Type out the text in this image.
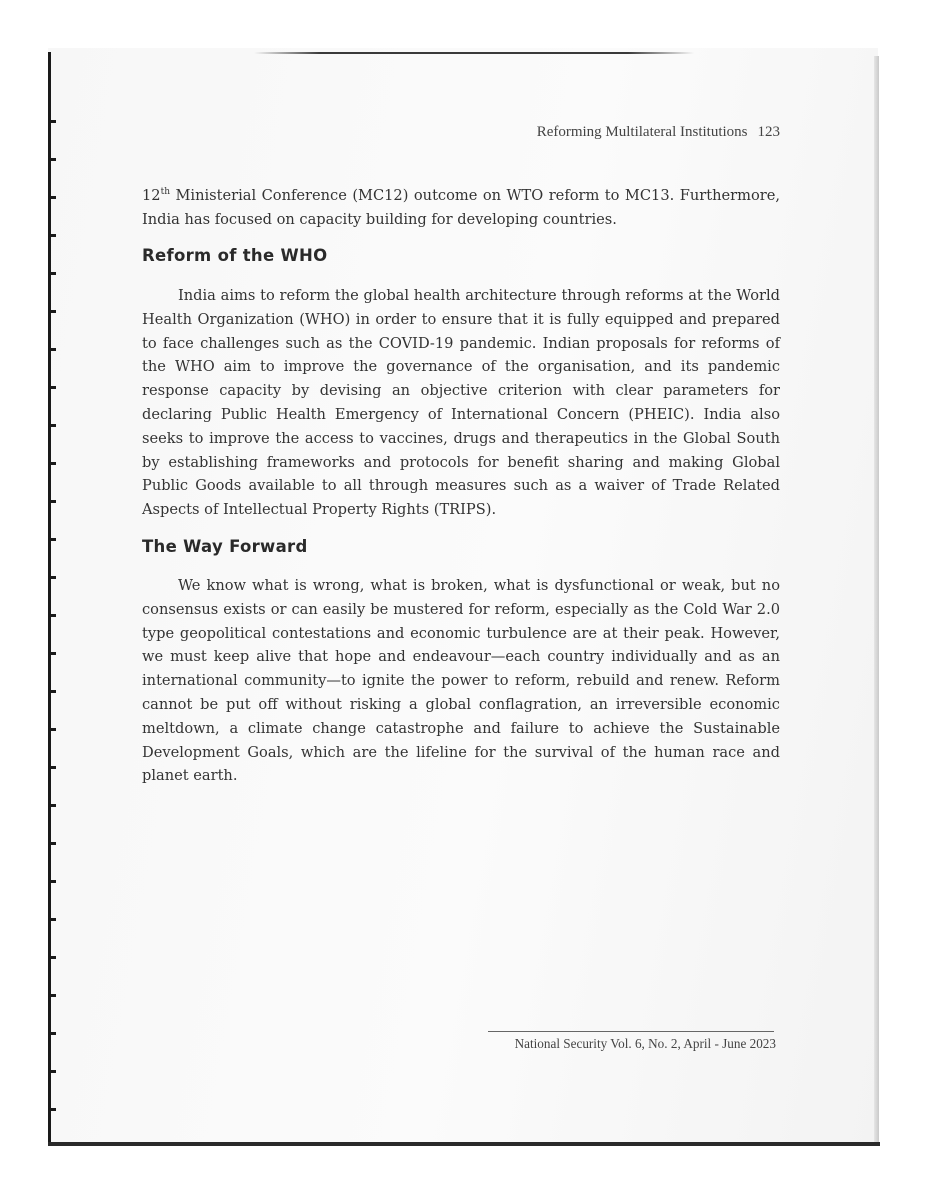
Reforming Multilateral Institutions 123

12th Ministerial Conference (MC12) outcome on WTO reform to MC13. Furthermore, India has focused on capacity building for developing countries.

Reform of the WHO

India aims to reform the global health architecture through reforms at the World Health Organization (WHO) in order to ensure that it is fully equipped and prepared to face challenges such as the COVID-19 pandemic. Indian proposals for reforms of the WHO aim to improve the governance of the organisation, and its pandemic response capacity by devising an objective criterion with clear parameters for declaring Public Health Emergency of International Concern (PHEIC). India also seeks to improve the access to vaccines, drugs and therapeutics in the Global South by establishing frameworks and protocols for benefit sharing and making Global Public Goods available to all through measures such as a waiver of Trade Related Aspects of Intellectual Property Rights (TRIPS).

The Way Forward

We know what is wrong, what is broken, what is dysfunctional or weak, but no consensus exists or can easily be mustered for reform, especially as the Cold War 2.0 type geopolitical contestations and economic turbulence are at their peak. However, we must keep alive that hope and endeavour—each country individually and as an international community—to ignite the power to reform, rebuild and renew. Reform cannot be put off without risking a global conflagration, an irreversible economic meltdown, a climate change catastrophe and failure to achieve the Sustainable Development Goals, which are the lifeline for the survival of the human race and planet earth.

National Security Vol. 6, No. 2, April - June 2023
